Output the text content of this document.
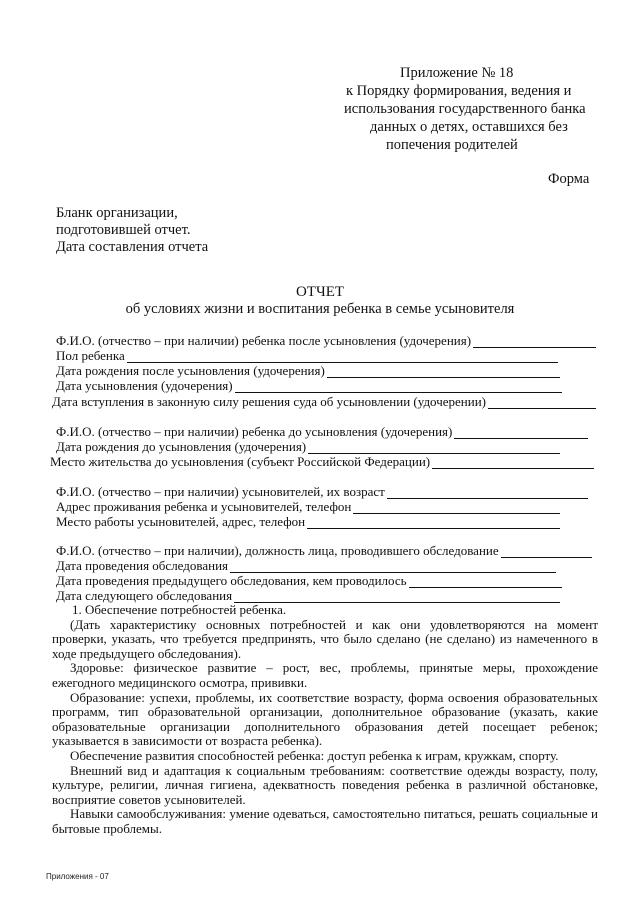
Приложение № 18
к Порядку формирования, ведения и
использования государственного банка
данных о детях, оставшихся без
попечения родителей
Форма
Бланк организации,
подготовившей отчет.
Дата составления отчета
ОТЧЕТ
об условиях жизни и воспитания ребенка в семье усыновителя
Ф.И.О. (отчество – при наличии) ребенка после усыновления (удочерения)
Пол ребенка
Дата рождения после усыновления (удочерения)
Дата усыновления (удочерения)
Дата вступления в законную силу решения суда об усыновлении (удочерении)
Ф.И.О. (отчество – при наличии) ребенка до усыновления (удочерения)
Дата рождения до усыновления (удочерения)
Место жительства до усыновления (субъект Российской Федерации)
Ф.И.О. (отчество – при наличии) усыновителей, их возраст
Адрес проживания ребенка и усыновителей, телефон
Место работы усыновителей, адрес, телефон
Ф.И.О. (отчество – при наличии), должность лица, проводившего обследование
Дата проведения обследования
Дата проведения предыдущего обследования, кем проводилось
Дата следующего обследования

1. Обеспечение потребностей ребенка.

(Дать характеристику основных потребностей и как они удовлетворяются на момент проверки, указать, что требуется предпринять, что было сделано (не сделано) из намеченного в ходе предыдущего обследования).

Здоровье: физическое развитие – рост, вес, проблемы, принятые меры, прохождение ежегодного медицинского осмотра, прививки.

Образование: успехи, проблемы, их соответствие возрасту, форма освоения образовательных программ, тип образовательной организации, дополнительное образование (указать, какие образовательные организации дополнительного образования детей посещает ребенок; указывается в зависимости от возраста ребенка).

Обеспечение развития способностей ребенка: доступ ребенка к играм, кружкам, спорту.

Внешний вид и адаптация к социальным требованиям: соответствие одежды возрасту, полу, культуре, религии, личная гигиена, адекватность поведения ребенка в различной обстановке, восприятие советов усыновителей.

Навыки самообслуживания: умение одеваться, самостоятельно питаться, решать социальные и бытовые проблемы.

Приложения - 07
